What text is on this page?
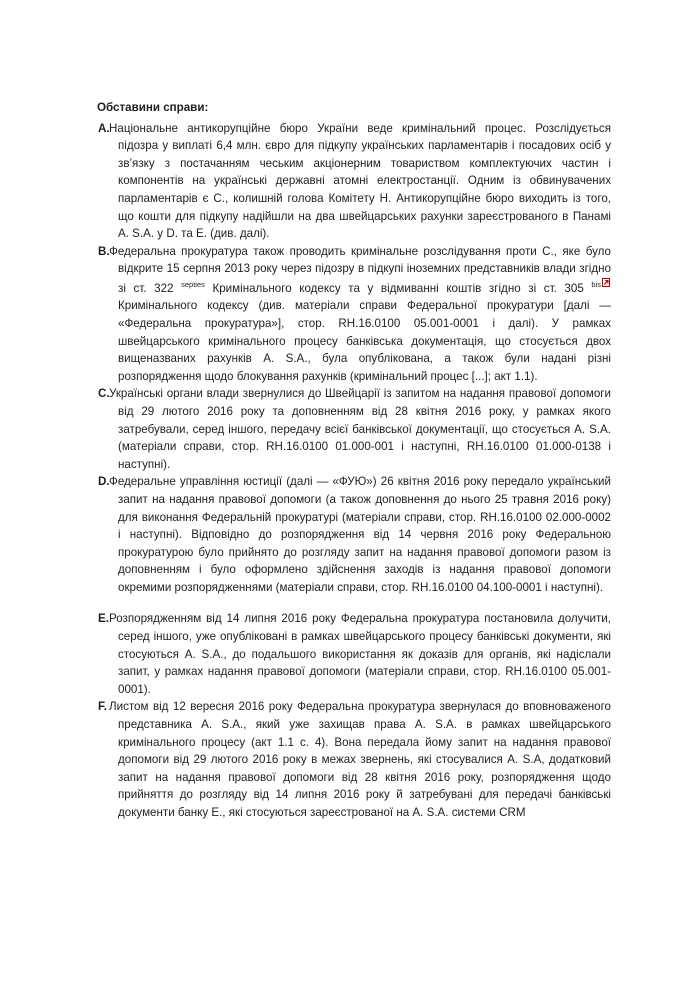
Обставини справи:
A. Національне антикорупційне бюро України веде кримінальний процес. Розслідується підозра у виплаті 6,4 млн. євро для підкупу українських парламентарів і посадових осіб у зв’язку з постачанням чеським акціонерним товариством комплектуючих частин і компонентів на українські державні атомні електростанції. Одним із обвинувачених парламентарів є С., колишній голова Комітету Н. Антикорупційне бюро виходить із того, що кошти для підкупу надійшли на два швейцарських рахунки зареєстрованого в Панамі A. S.A. у D. та E. (див. далі).
B. Федеральна прокуратура також проводить кримінальне розслідування проти С., яке було відкрите 15 серпня 2013 року через підозру в підкупі іноземних представників влади згідно зі ст. 322 $^{septies}$ Кримінального кодексу та у відмиванні коштів згідно зі ст. 305 $^{bis}$
Кримінального кодексу (див. матеріали справи Федеральної прокуратури [далі — «Федеральна прокуратура»], стор. RH.16.0100 05.001-0001 і далі). У рамках швейцарського кримінального процесу банківська документація, що стосується двох вищеназваних рахунків A. S.A., була опублікована, а також були надані різні розпорядження щодо блокування рахунків (кримінальний процес [...]; акт 1.1).
C. Українські органи влади звернулися до Швейцарії із запитом на надання правової допомоги від 29 лютого 2016 року та доповненням від 28 квітня 2016 року, у рамках якого затребували, серед іншого, передачу всієї банківської документації, що стосується A. S.A. (матеріали справи, стор. RH.16.0100 01.000-001 і наступні, RH.16.0100 01.000-0138 і наступні).
D. Федеральне управління юстиції (далі — «ФУЮ») 26 квітня 2016 року передало український запит на надання правової допомоги (а також доповнення до нього 25 травня 2016 року) для виконання Федеральній прокуратурі (матеріали справи, стор. RH.16.0100 02.000-0002 і наступні). Відповідно до розпорядження від 14 червня 2016 року Федеральною прокуратурою було прийнято до розгляду запит на надання правової допомоги разом із доповненням і було оформлено здійснення заходів із надання правової допомоги окремими розпорядженнями (матеріали справи, стор. RH.16.0100 04.100-0001 і наступні).
E. Розпорядженням від 14 липня 2016 року Федеральна прокуратура постановила долучити, серед іншого, уже опубліковані в рамках швейцарського процесу банківські документи, які стосуються A. S.A., до подальшого використання як доказів для органів, які надіслали запит, у рамках надання правової допомоги (матеріали справи, стор. RH.16.0100 05.001-0001).
F. Листом від 12 вересня 2016 року Федеральна прокуратура звернулася до вповноваженого представника A. S.A., який уже захищав права A. S.A. в рамках швейцарського кримінального процесу (акт 1.1 с. 4). Вона передала йому запит на надання правової допомоги від 29 лютого 2016 року в межах звернень, які стосувалися A. S.A, додатковий запит на надання правової допомоги від 28 квітня 2016 року, розпорядження щодо прийняття до розгляду від 14 липня 2016 року й затребувані для передачі банківські документи банку E., які стосуються зареєстрованої на A. S.A. системи CRM
